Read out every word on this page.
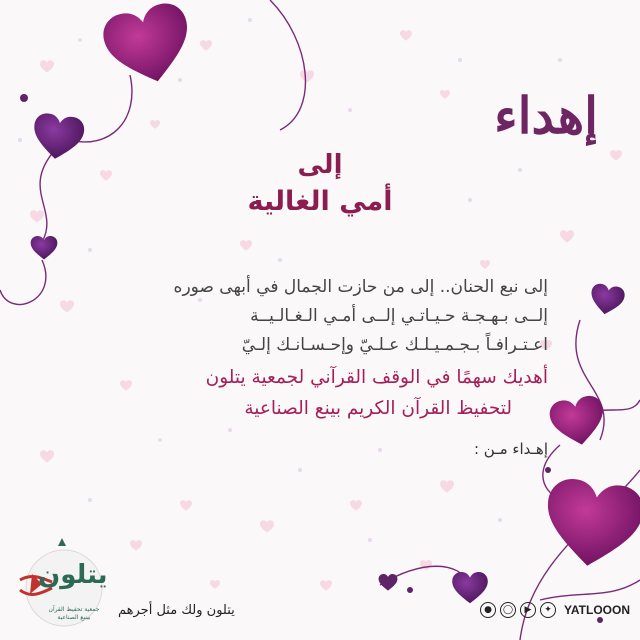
إهداء
إلى
أمي الغالية
إلى نبع الحنان.. إلى من حازت الجمال في أبهى صوره
إلــى بـهـجـة حـيـاتـي إلــى أمـي الـغـالـيــة
اعـتـرافـاً بـجـمـيـلـك عـلـيّ وإحـسـانـك إلـيّ
أهديك سهمًا في الوقف القرآني لجمعية يتلون
لتحفيظ القرآن الكريم بينع الصناعية
إهـداء مـن :
يتلون
جمعية تحفيظ القرآن بينبع الصناعية	يتلون ولك مثل أجرهم	●	◯	▶	✦	YATLOOON
